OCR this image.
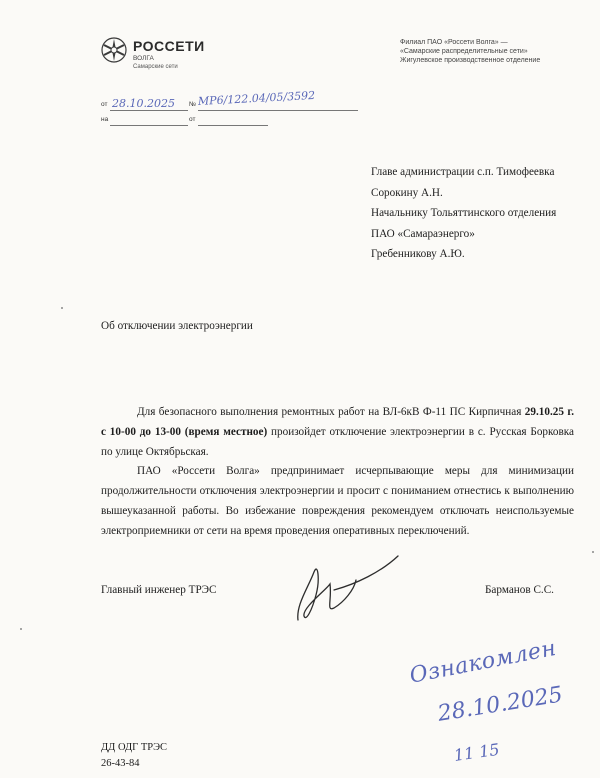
РОССЕТИ
ВОЛГА
Самарские сети
Филиал ПАО «Россети Волга» —
«Самарские распределительные сети»
Жигулевское производственное отделение
от 28.10.2025 № МР6/122.04/05/3592
на	от
Главе администрации с.п. Тимофеевка
Сорокину А.Н.
Начальнику Тольяттинского отделения
ПАО «Самараэнерго»
Гребенникову А.Ю.
Об отключении электроэнергии

Для безопасного выполнения ремонтных работ на ВЛ-6кВ Ф-11 ПС Кирпичная 29.10.25 г. с 10-00 до 13-00 (время местное) произойдет отключение электроэнергии в с. Русская Борковка по улице Октябрьская.

ПАО «Россети Волга» предпринимает исчерпывающие меры для минимизации продолжительности отключения электроэнергии и просит с пониманием отнестись к выполнению вышеуказанной работы. Во избежание повреждения рекомендуем отключать неиспользуемые электроприемники от сети на время проведения оперативных переключений.

Главный инженер ТРЭС	Барманов С.С.
Ознакомлен
28.10.2025
11 15
ДД ОДГ ТРЭС
26-43-84
